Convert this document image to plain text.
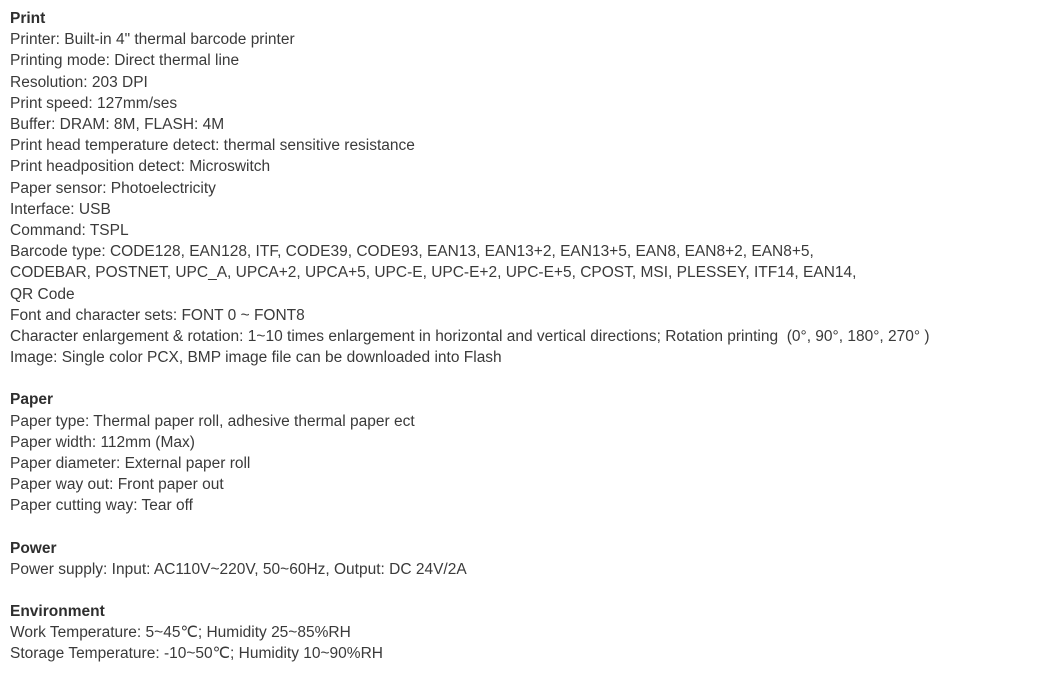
Print
Printer: Built-in 4" thermal barcode printer
Printing mode: Direct thermal line
Resolution: 203 DPI
Print speed: 127mm/ses
Buffer: DRAM: 8M, FLASH: 4M
Print head temperature detect: thermal sensitive resistance
Print headposition detect: Microswitch
Paper sensor: Photoelectricity
Interface: USB
Command: TSPL
Barcode type: CODE128, EAN128, ITF, CODE39, CODE93, EAN13, EAN13+2, EAN13+5, EAN8, EAN8+2, EAN8+5,
CODEBAR, POSTNET, UPC_A, UPCA+2, UPCA+5, UPC-E, UPC-E+2, UPC-E+5, CPOST, MSI, PLESSEY, ITF14, EAN14,
QR Code
Font and character sets: FONT 0 ~ FONT8
Character enlargement & rotation: 1~10 times enlargement in horizontal and vertical directions; Rotation printing  (0°, 90°, 180°, 270° )
Image: Single color PCX, BMP image file can be downloaded into Flash
Paper
Paper type: Thermal paper roll, adhesive thermal paper ect
Paper width: 112mm (Max)
Paper diameter: External paper roll
Paper way out: Front paper out
Paper cutting way: Tear off
Power
Power supply: Input: AC110V~220V, 50~60Hz, Output: DC 24V/2A
Environment
Work Temperature: 5~45℃; Humidity 25~85%RH
Storage Temperature: -10~50℃; Humidity 10~90%RH
